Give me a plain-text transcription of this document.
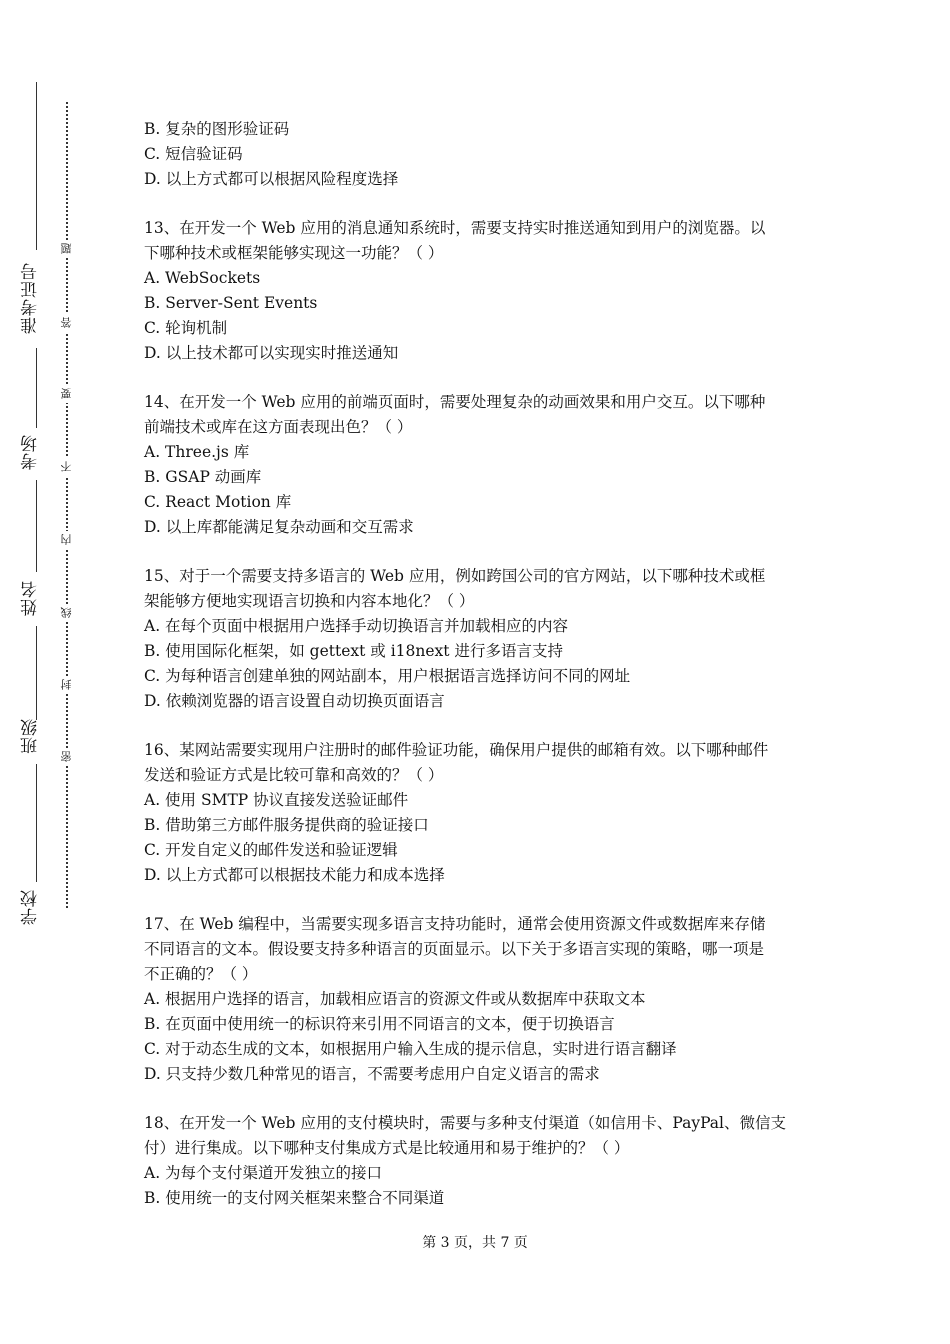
准考证号
考场
姓名
班级
学校
题
答
要
不
内
线
封
密
B. 复杂的图形验证码
C. 短信验证码
D. 以上方式都可以根据风险程度选择
13、在开发一个 Web 应用的消息通知系统时，需要支持实时推送通知到用户的浏览器。以
下哪种技术或框架能够实现这一功能？（ ）
A. WebSockets
B. Server-Sent Events
C. 轮询机制
D. 以上技术都可以实现实时推送通知
14、在开发一个 Web 应用的前端页面时，需要处理复杂的动画效果和用户交互。以下哪种
前端技术或库在这方面表现出色？（ ）
A. Three.js 库
B. GSAP 动画库
C. React Motion 库
D. 以上库都能满足复杂动画和交互需求
15、对于一个需要支持多语言的 Web 应用，例如跨国公司的官方网站，以下哪种技术或框
架能够方便地实现语言切换和内容本地化？（ ）
A. 在每个页面中根据用户选择手动切换语言并加载相应的内容
B. 使用国际化框架，如 gettext 或 i18next 进行多语言支持
C. 为每种语言创建单独的网站副本，用户根据语言选择访问不同的网址
D. 依赖浏览器的语言设置自动切换页面语言
16、某网站需要实现用户注册时的邮件验证功能，确保用户提供的邮箱有效。以下哪种邮件
发送和验证方式是比较可靠和高效的？（ ）
A. 使用 SMTP 协议直接发送验证邮件
B. 借助第三方邮件服务提供商的验证接口
C. 开发自定义的邮件发送和验证逻辑
D. 以上方式都可以根据技术能力和成本选择
17、在 Web 编程中，当需要实现多语言支持功能时，通常会使用资源文件或数据库来存储
不同语言的文本。假设要支持多种语言的页面显示。以下关于多语言实现的策略，哪一项是
不正确的？（ ）
A. 根据用户选择的语言，加载相应语言的资源文件或从数据库中获取文本
B. 在页面中使用统一的标识符来引用不同语言的文本，便于切换语言
C. 对于动态生成的文本，如根据用户输入生成的提示信息，实时进行语言翻译
D. 只支持少数几种常见的语言，不需要考虑用户自定义语言的需求
18、在开发一个 Web 应用的支付模块时，需要与多种支付渠道（如信用卡、PayPal、微信支
付）进行集成。以下哪种支付集成方式是比较通用和易于维护的？（ ）
A. 为每个支付渠道开发独立的接口
B. 使用统一的支付网关框架来整合不同渠道
第 3 页，共 7 页
